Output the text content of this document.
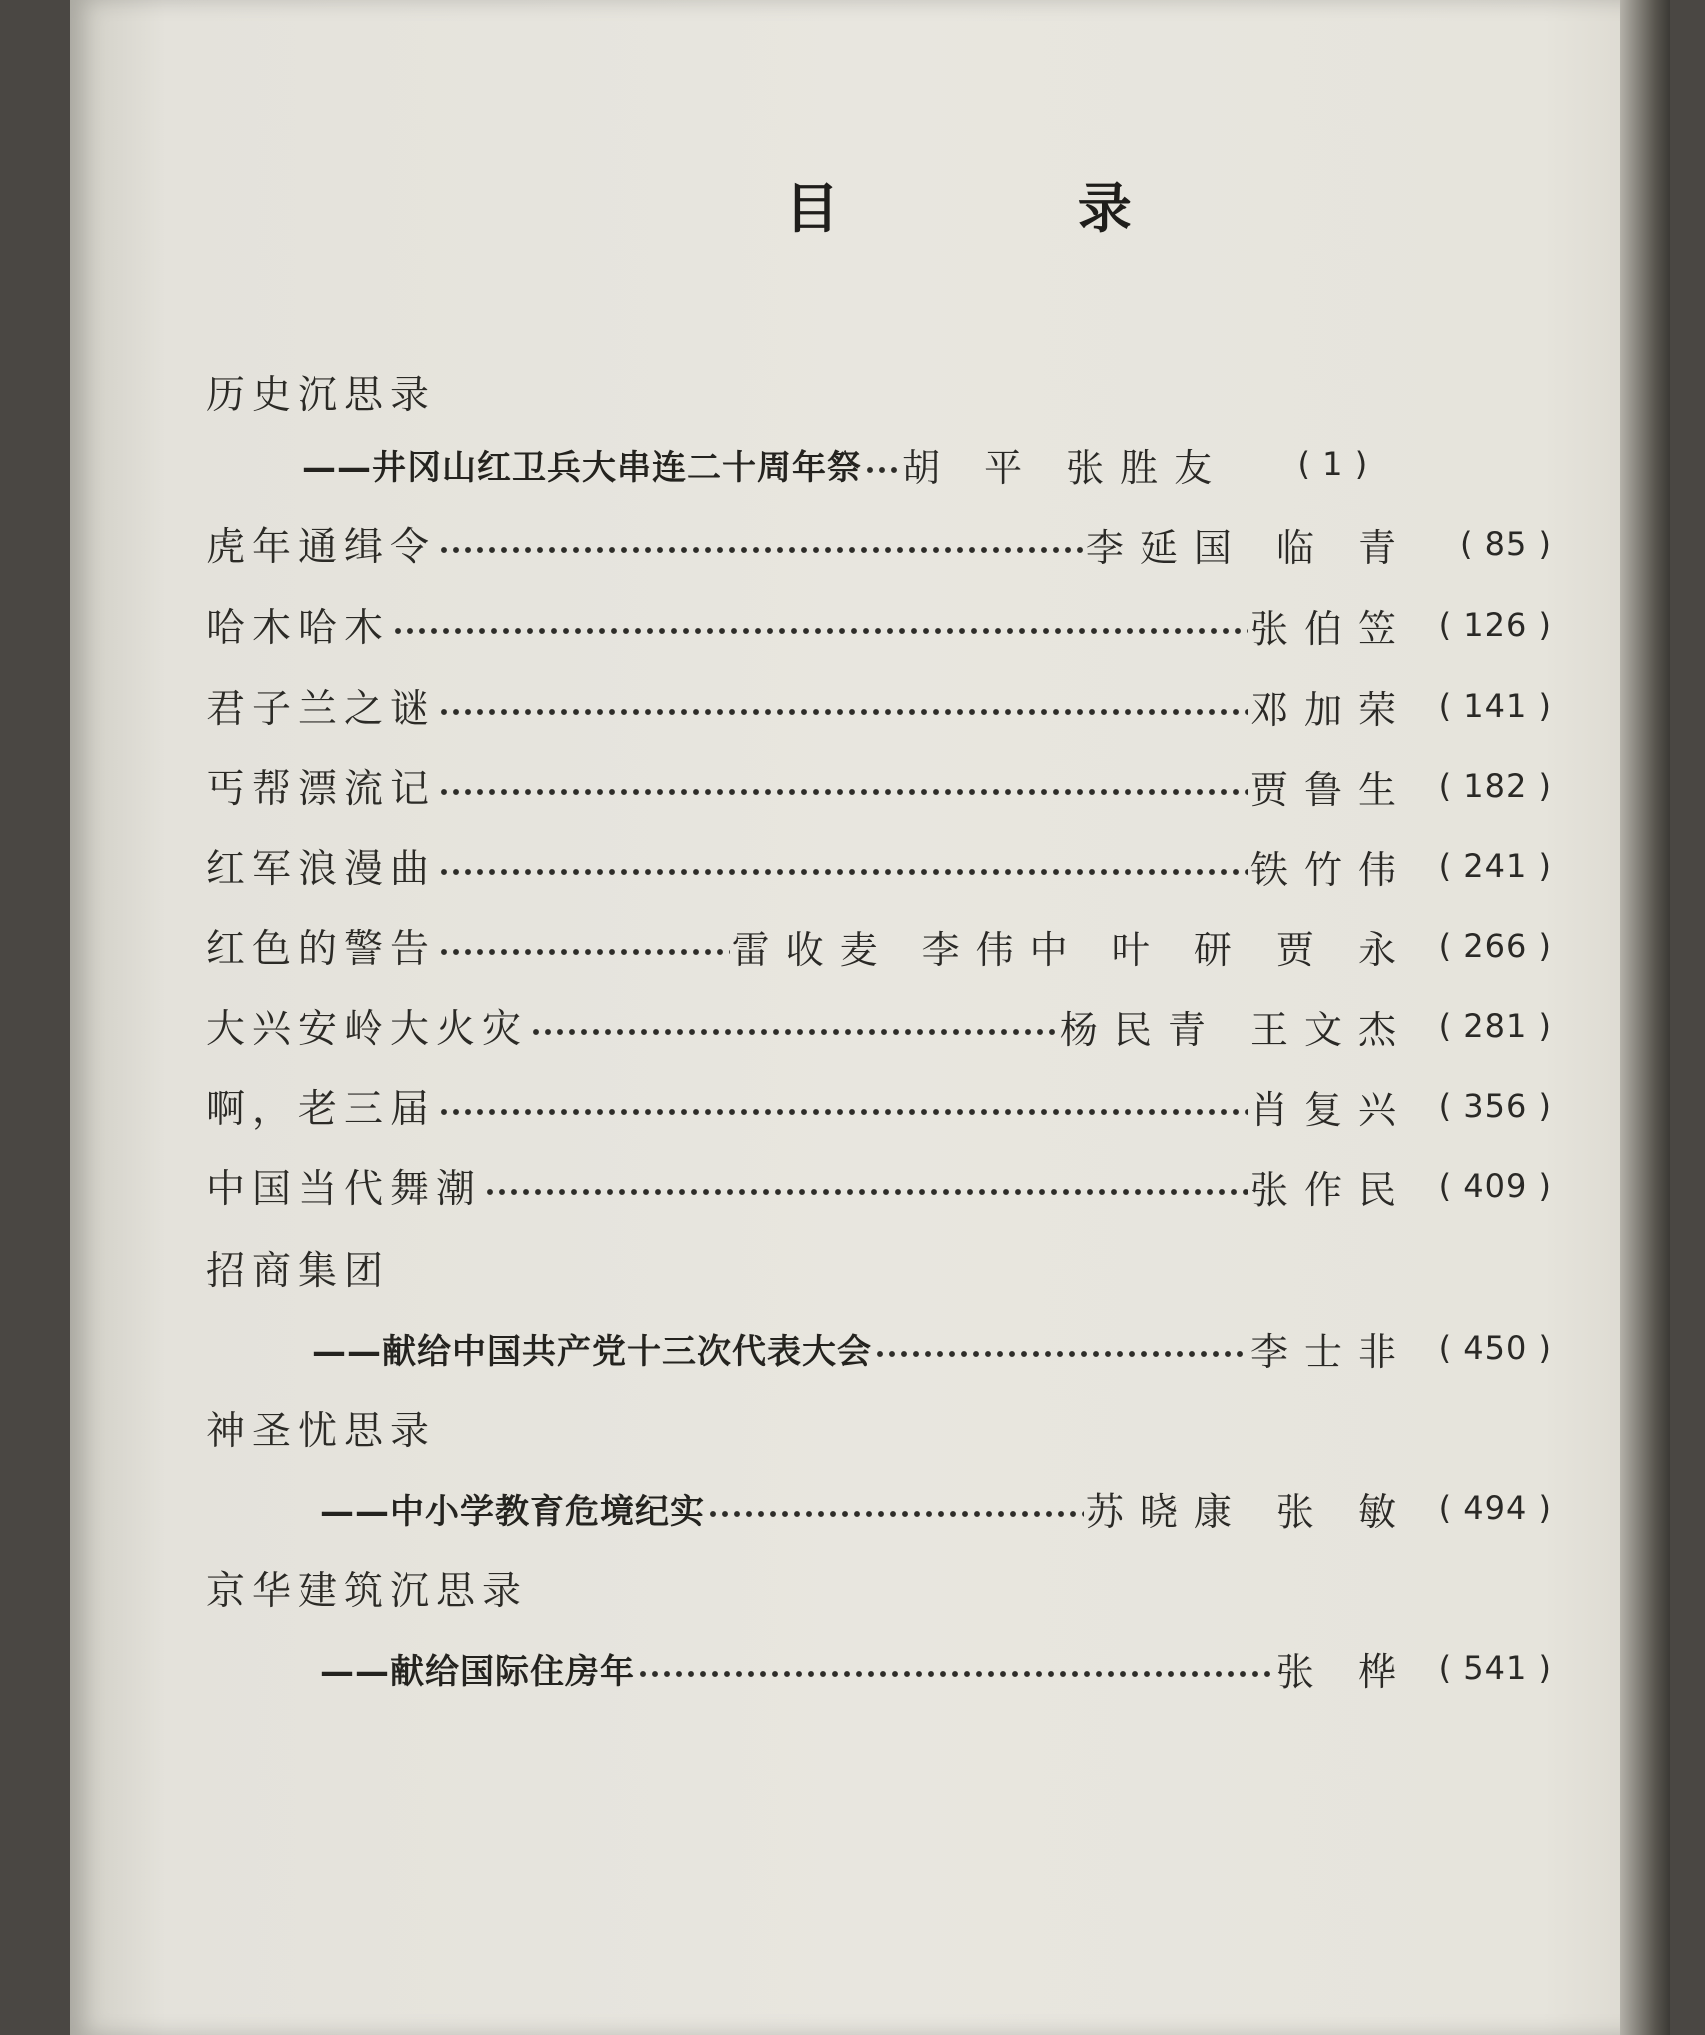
目 录
历史沉思录
——井冈山红卫兵大串连二十周年祭 胡 平 张胜友	( 1 )
虎年通缉令	李延国 临 青	( 85 )
哈木哈木	张伯笠 ( 126 )
君子兰之谜	邓加荣 ( 141 )
丐帮漂流记	贾鲁生 ( 182 )
红军浪漫曲	铁竹伟 ( 241 )
红色的警告	雷收麦 李伟中 叶 研 贾 永 ( 266 )
大兴安岭大火灾	杨民青 王文杰 ( 281 )
啊，老三届	肖复兴 ( 356 )
中国当代舞潮	张作民 ( 409 )
招商集团
——献给中国共产党十三次代表大会	李士非 ( 450 )
神圣忧思录
——中小学教育危境纪实	苏晓康 张 敏 ( 494 )
京华建筑沉思录
——献给国际住房年	张 桦 ( 541 )
